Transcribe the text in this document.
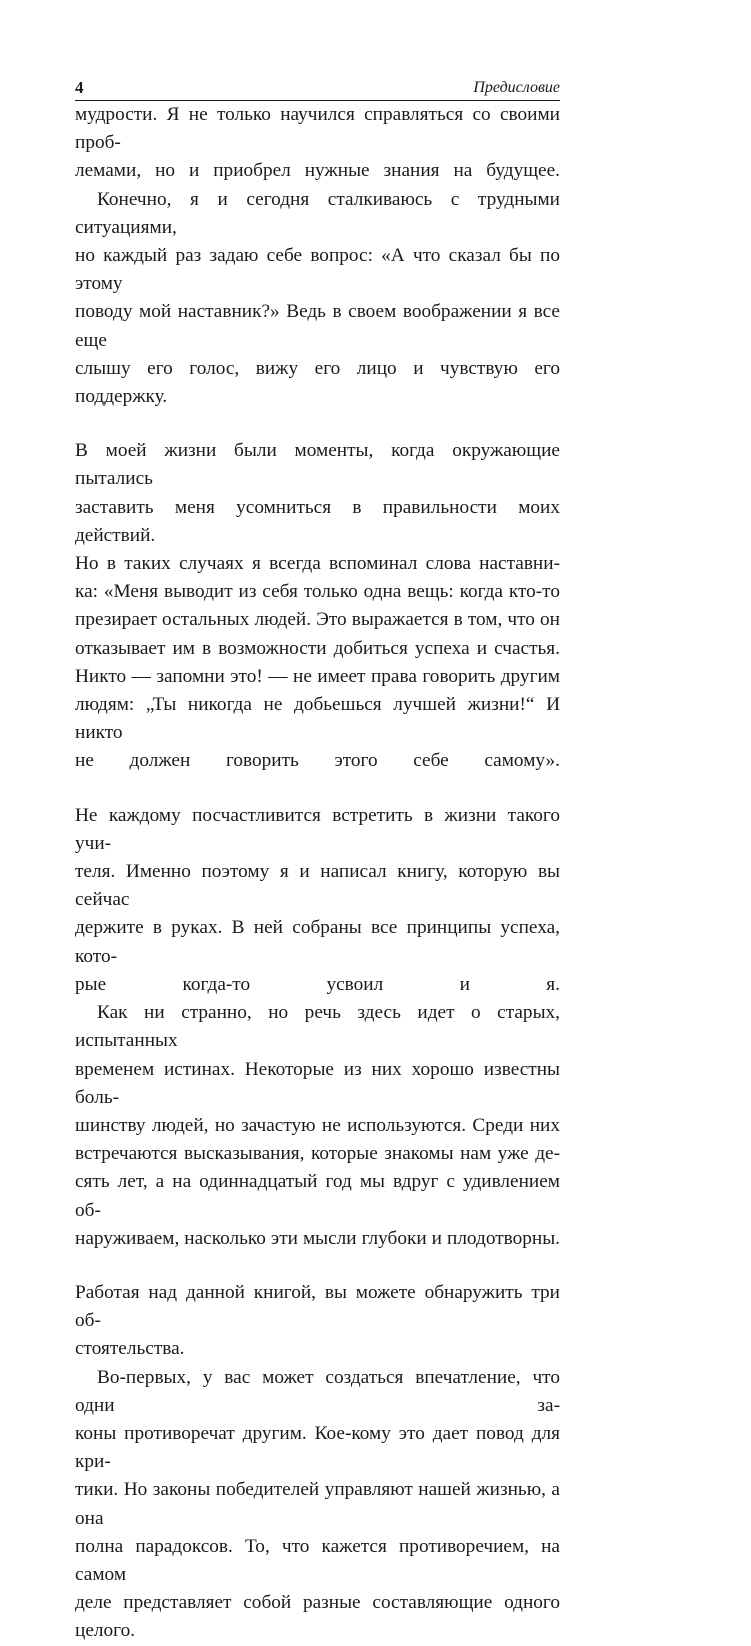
4	Предисловие

мудрости. Я не только научился справляться со своими проб-
лемами, но и приобрел нужные знания на будущее.

Конечно, я и сегодня сталкиваюсь с трудными ситуациями,
но каждый раз задаю себе вопрос: «А что сказал бы по этому
поводу мой наставник?» Ведь в своем воображении я все еще
слышу его голос, вижу его лицо и чувствую его поддержку.

В моей жизни были моменты, когда окружающие пытались
заставить меня усомниться в правильности моих действий.
Но в таких случаях я всегда вспоминал слова наставни-
ка: «Меня выводит из себя только одна вещь: когда кто-то
презирает остальных людей. Это выражается в том, что он
отказывает им в возможности добиться успеха и счастья.
Никто — запомни это! — не имеет права говорить другим
людям: „Ты никогда не добьешься лучшей жизни!“ И никто
не должен говорить этого себе самому».

Не каждому посчастливится встретить в жизни такого учи-
теля. Именно поэтому я и написал книгу, которую вы сейчас
держите в руках. В ней собраны все принципы успеха, кото-
рые когда-то усвоил и я.

Как ни странно, но речь здесь идет о старых, испытанных
временем истинах. Некоторые из них хорошо известны боль-
шинству людей, но зачастую не используются. Среди них
встречаются высказывания, которые знакомы нам уже де-
сять лет, а на одиннадцатый год мы вдруг с удивлением об-
наруживаем, насколько эти мысли глубоки и плодотворны.

Работая над данной книгой, вы можете обнаружить три об-
стоятельства.

Во-первых, у вас может создаться впечатление, что одни за-
коны противоречат другим. Кое-кому это дает повод для кри-
тики. Но законы победителей управляют нашей жизнью, а она
полна парадоксов. То, что кажется противоречием, на самом
деле представляет собой разные составляющие одного целого.
